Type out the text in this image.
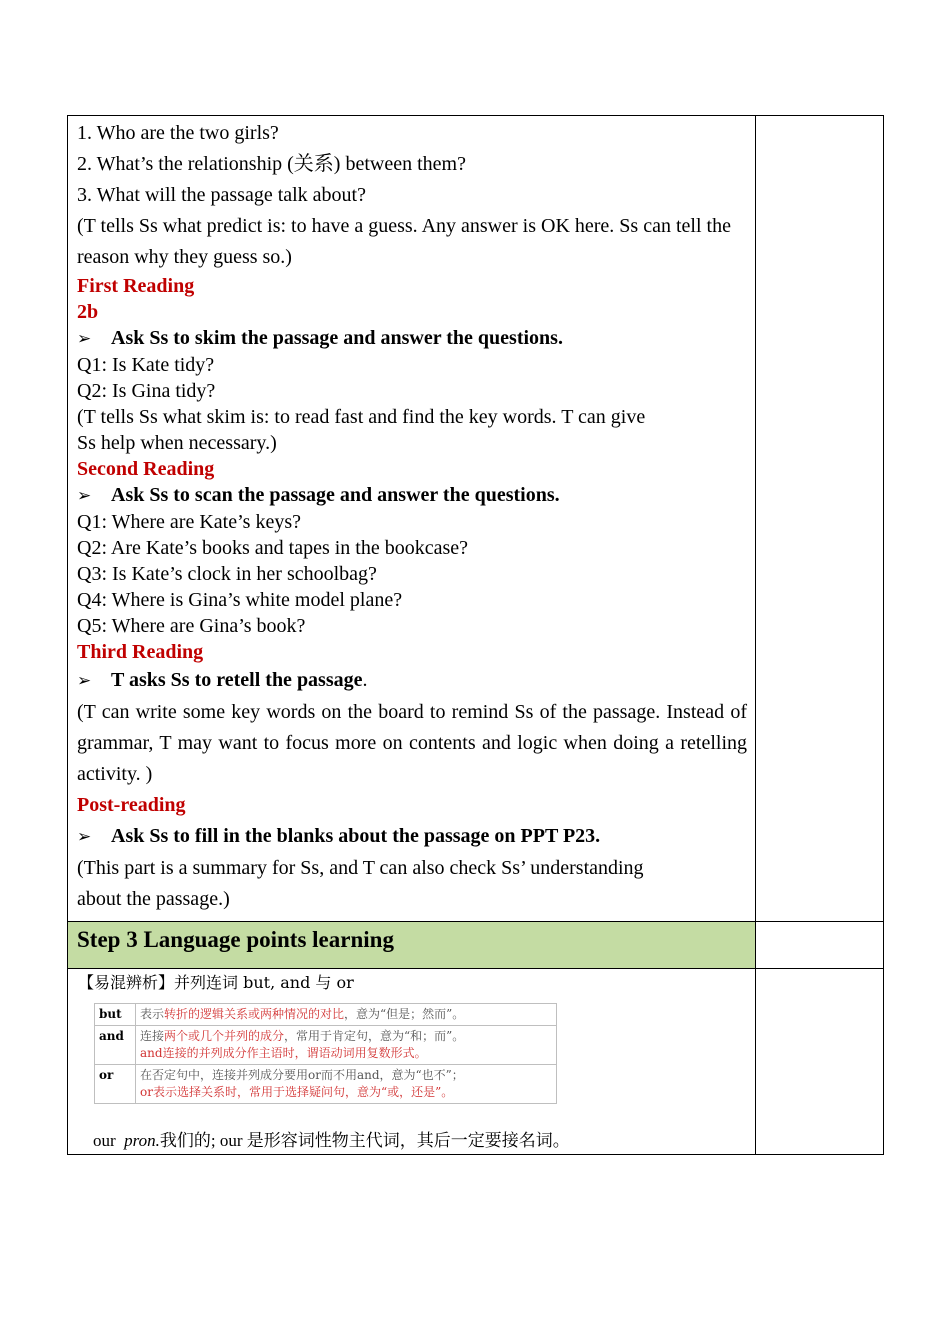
1. Who are the two girls?
2. What’s the relationship (关系) between them?
3. What will the passage talk about?
(T tells Ss what predict is: to have a guess. Any answer is OK here. Ss can tell the reason why they guess so.)
First Reading
2b
➢ Ask Ss to skim the passage and answer the questions.
Q1: Is Kate tidy?
Q2: Is Gina tidy?
(T tells Ss what skim is: to read fast and find the key words. T can give
Ss help when necessary.)
Second Reading
➢ Ask Ss to scan the passage and answer the questions.
Q1: Where are Kate’s keys?
Q2: Are Kate’s books and tapes in the bookcase?
Q3: Is Kate’s clock in her schoolbag?
Q4: Where is Gina’s white model plane?
Q5: Where are Gina’s book?
Third Reading
➢ T asks Ss to retell the passage.
(T can write some key words on the board to remind Ss of the passage. Instead of grammar, T may want to focus more on contents and logic when doing a retelling activity. )
Post-reading
➢ Ask Ss to fill in the blanks about the passage on PPT P23.
(This part is a summary for Ss, and T can also check Ss’ understanding
about the passage.)

Step 3 Language points learning

【易混辨析】并列连词 but, and 与 or
but	表示转折的逻辑关系或两种情况的对比，意为“但是；然而”。
and	连接两个或几个并列的成分，常用于肯定句，意为“和；而”。
and连接的并列成分作主语时，谓语动词用复数形式。
or	在否定句中，连接并列成分要用or而不用and，意为“也不”；
or表示选择关系时，常用于选择疑问句，意为“或，还是”。
our pron.我们的; our 是形容词性物主代词，其后一定要接名词。
